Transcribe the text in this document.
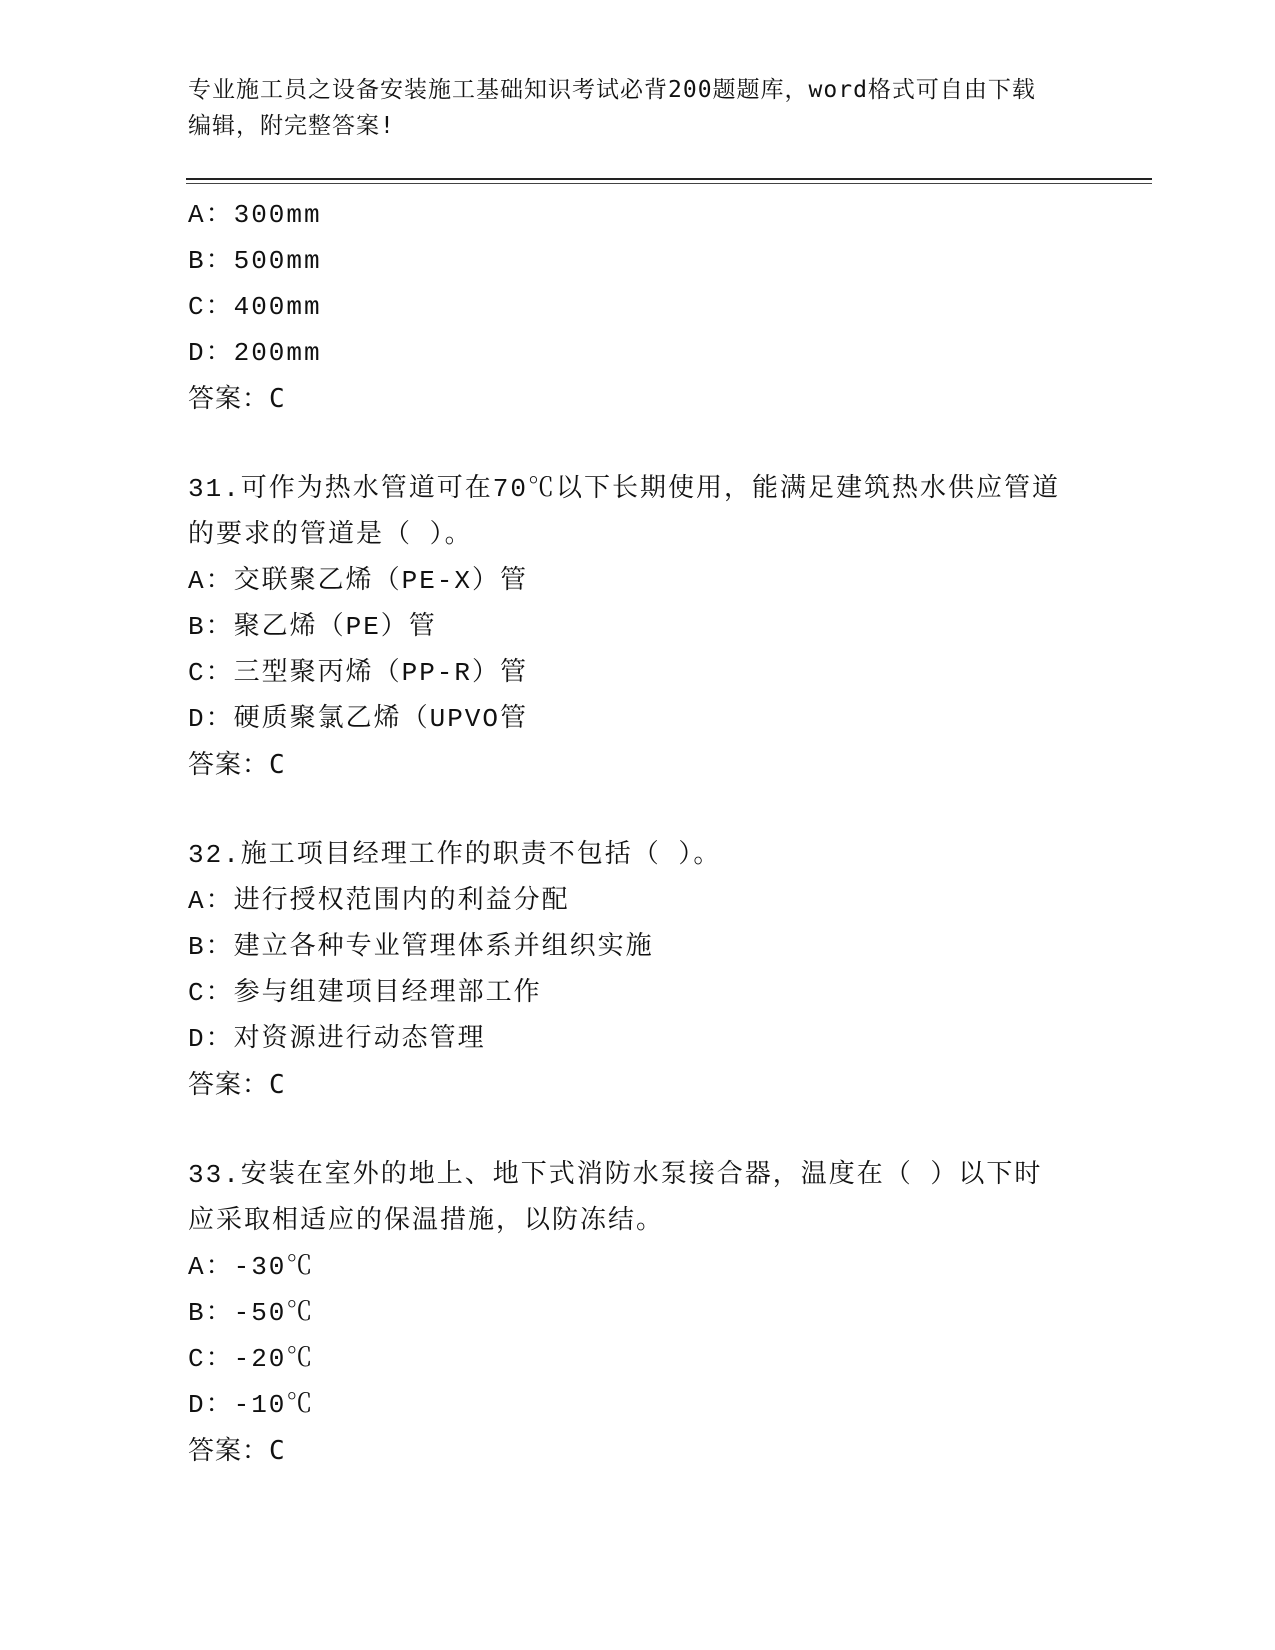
专业施工员之设备安装施工基础知识考试必背200题题库，word格式可自由下载
编辑，附完整答案!
A：300mm
B：500mm
C：400mm
D：200mm
答案：C
31.可作为热水管道可在70℃以下长期使用，能满足建筑热水供应管道
的要求的管道是（ ）。
A：交联聚乙烯（PE-X）管
B：聚乙烯（PE）管
C：三型聚丙烯（PP-R）管
D：硬质聚氯乙烯（UPVO管
答案：C
32.施工项目经理工作的职责不包括（ ）。
A：进行授权范围内的利益分配
B：建立各种专业管理体系并组织实施
C：参与组建项目经理部工作
D：对资源进行动态管理
答案：C
33.安装在室外的地上、地下式消防水泵接合器，温度在（ ）以下时
应采取相适应的保温措施，以防冻结。
A：-30℃
B：-50℃
C：-20℃
D：-10℃
答案：C
